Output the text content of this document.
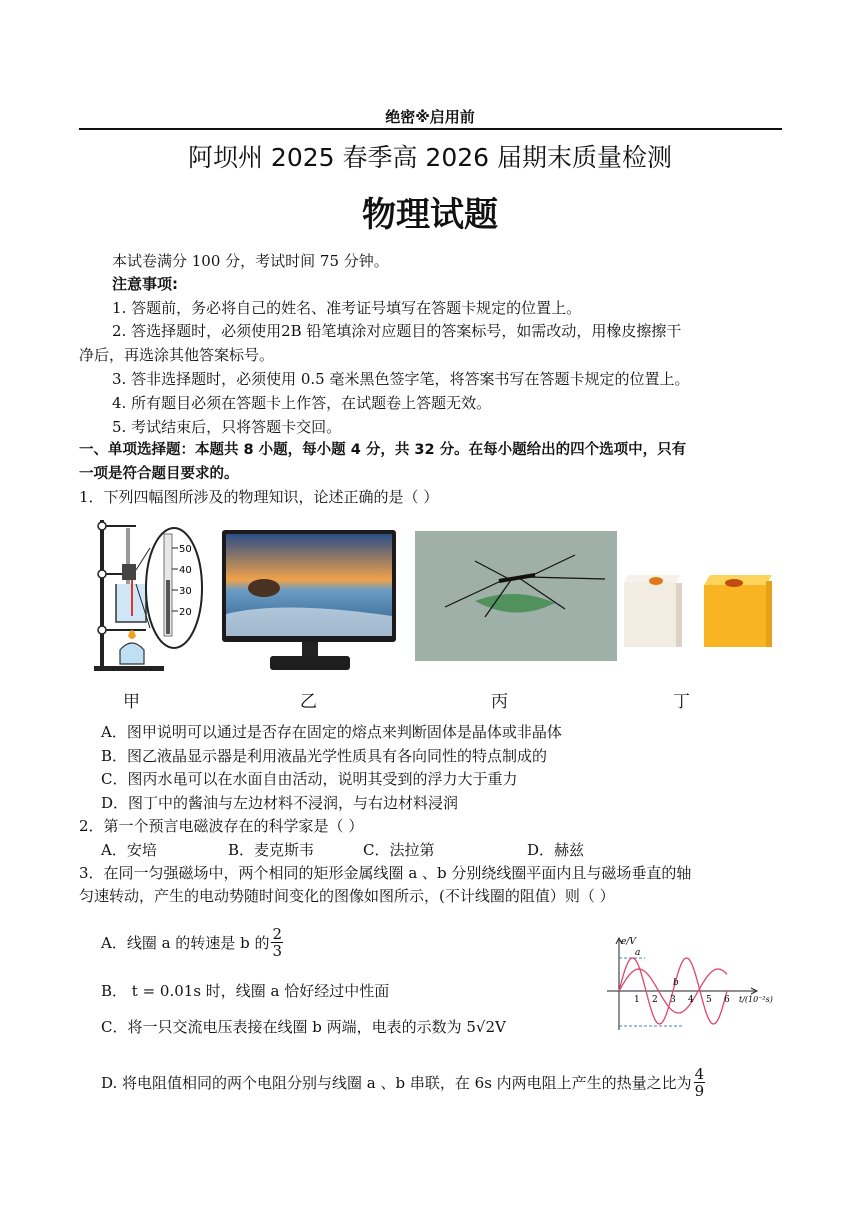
绝密※启用前
阿坝州 2025 春季高 2026 届期末质量检测
物理试题
本试卷满分 100 分，考试时间 75 分钟。
注意事项:
1. 答题前，务必将自己的姓名、准考证号填写在答题卡规定的位置上。
2. 答选择题时，必须使用2B 铅笔填涂对应题目的答案标号，如需改动，用橡皮擦擦干
净后，再选涂其他答案标号。
3. 答非选择题时，必须使用 0.5 毫米黑色签字笔，将答案书写在答题卡规定的位置上。
4. 所有题目必须在答题卡上作答，在试题卷上答题无效。
5. 考试结束后，只将答题卡交回。
一、单项选择题：本题共 8 小题，每小题 4 分，共 32 分。在每小题给出的四个选项中，只有
一项是符合题目要求的。
1．下列四幅图所涉及的物理知识，论述正确的是（ ）
50
40
30
20
甲	乙	丙	丁
A．图甲说明可以通过是否存在固定的熔点来判断固体是晶体或非晶体
B．图乙液晶显示器是利用液晶光学性质具有各向同性的特点制成的
C．图丙水黾可以在水面自由活动，说明其受到的浮力大于重力
D．图丁中的酱油与左边材料不浸润，与右边材料浸润
2．第一个预言电磁波存在的科学家是（ ）
A．安培	B．麦克斯韦	C．法拉第	D．赫兹
3．在同一匀强磁场中，两个相同的矩形金属线圈 a 、b 分别绕线圈平面内且与磁场垂直的轴
匀速转动，产生的电动势随时间变化的图像如图所示，(不计线圈的阻值）则（ ）
A．线圈 a 的转速是 b 的 $\frac{2}{3}$
B． t = 0.01s 时，线圈 a 恰好经过中性面
C．将一只交流电压表接在线圈 b 两端，电表的示数为 5√2V
D. 将电阻值相同的两个电阻分别与线圈 a 、b 串联，在 6s 内两电阻上产生的热量之比为 $\frac{4}{9}$
e/V
t/(10⁻²s)
a
b
1 2 3 4 5 6
